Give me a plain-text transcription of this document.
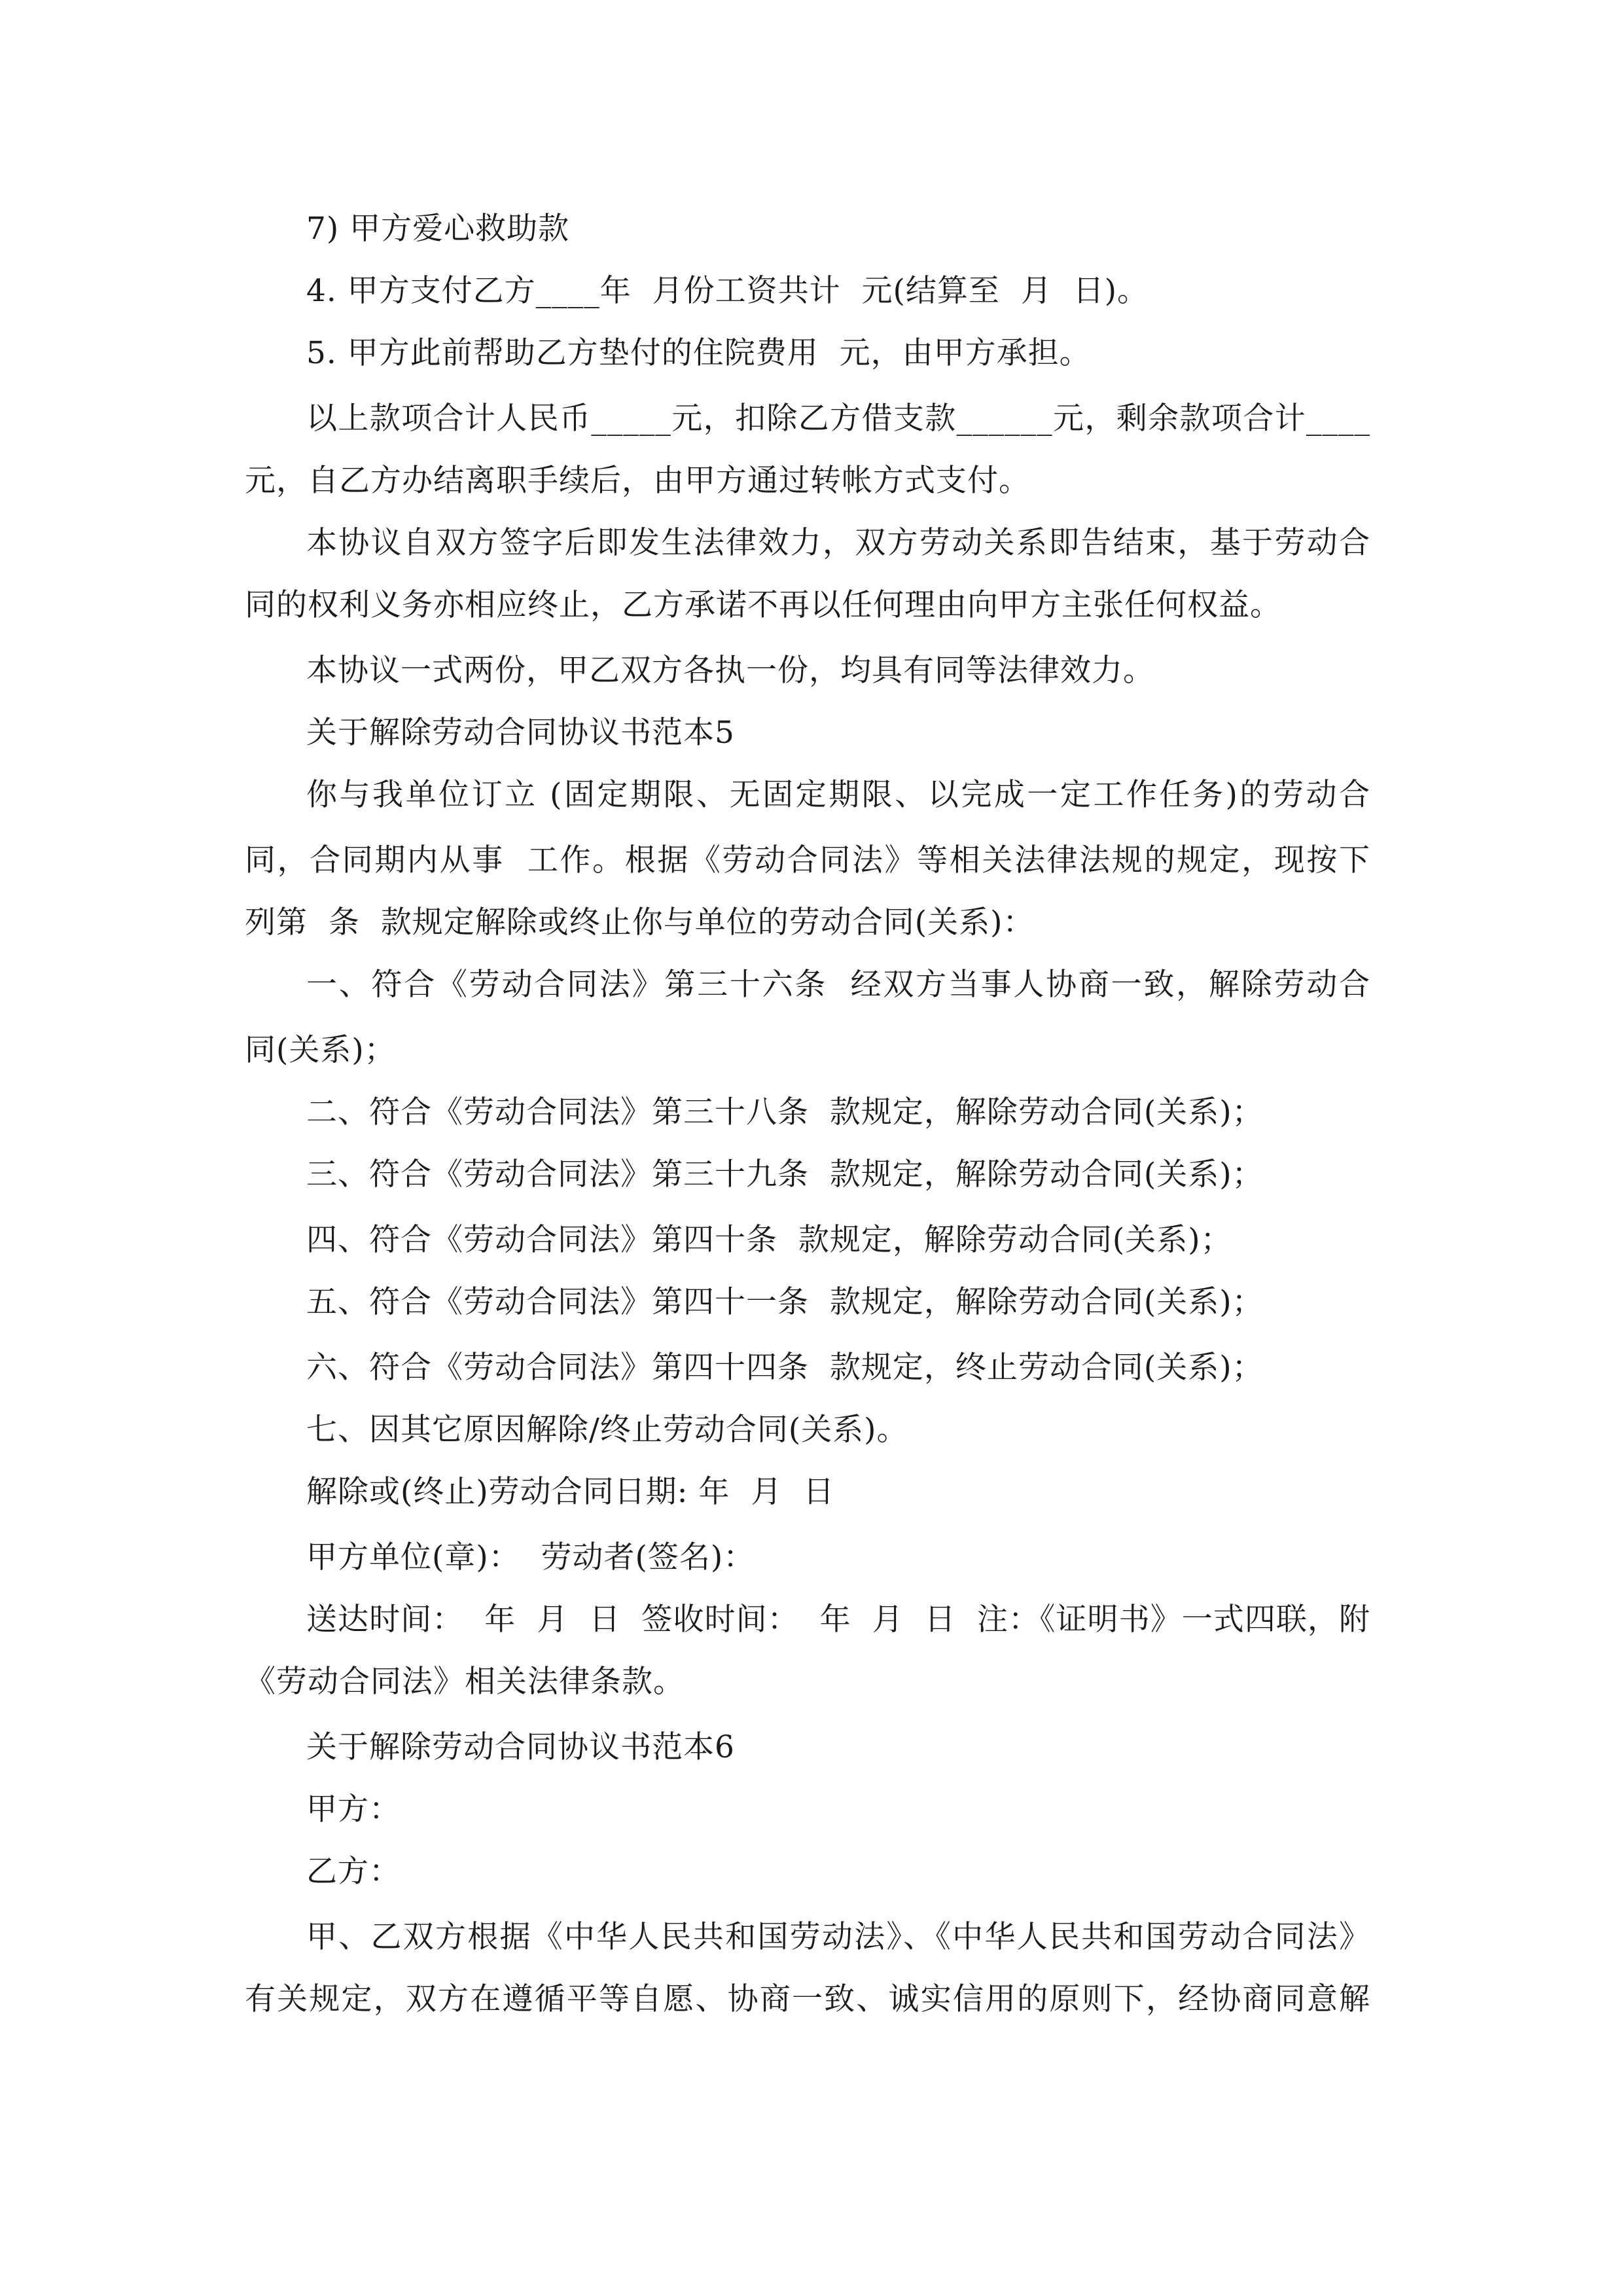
7) 甲方爱心救助款

4. 甲方支付乙方____年  月份工资共计  元(结算至  月  日)。

5. 甲方此前帮助乙方垫付的住院费用  元，由甲方承担。

以上款项合计人民币_____元，扣除乙方借支款______元，剩余款项合计____

元，自乙方办结离职手续后，由甲方通过转帐方式支付。

本协议自双方签字后即发生法律效力，双方劳动关系即告结束，基于劳动合

同的权利义务亦相应终止，乙方承诺不再以任何理由向甲方主张任何权益。

本协议一式两份，甲乙双方各执一份，均具有同等法律效力。

关于解除劳动合同协议书范本5

你与我单位订立 (固定期限、无固定期限、以完成一定工作任务)的劳动合

同，合同期内从事  工作。根据《劳动合同法》等相关法律法规的规定，现按下

列第  条  款规定解除或终止你与单位的劳动合同(关系)：

一、符合《劳动合同法》第三十六条  经双方当事人协商一致，解除劳动合

同(关系)；

二、符合《劳动合同法》第三十八条  款规定，解除劳动合同(关系)；

三、符合《劳动合同法》第三十九条  款规定，解除劳动合同(关系)；

四、符合《劳动合同法》第四十条  款规定，解除劳动合同(关系)；

五、符合《劳动合同法》第四十一条  款规定，解除劳动合同(关系)；

六、符合《劳动合同法》第四十四条  款规定，终止劳动合同(关系)；

七、因其它原因解除/终止劳动合同(关系)。

解除或(终止)劳动合同日期: 年  月  日

甲方单位(章)：  劳动者(签名)：

送达时间：  年  月  日  签收时间：  年  月  日  注：《证明书》一式四联，附

《劳动合同法》相关法律条款。

关于解除劳动合同协议书范本6

甲方：

乙方：

甲、乙双方根据《中华人民共和国劳动法》、《中华人民共和国劳动合同法》

有关规定，双方在遵循平等自愿、协商一致、诚实信用的原则下，经协商同意解
